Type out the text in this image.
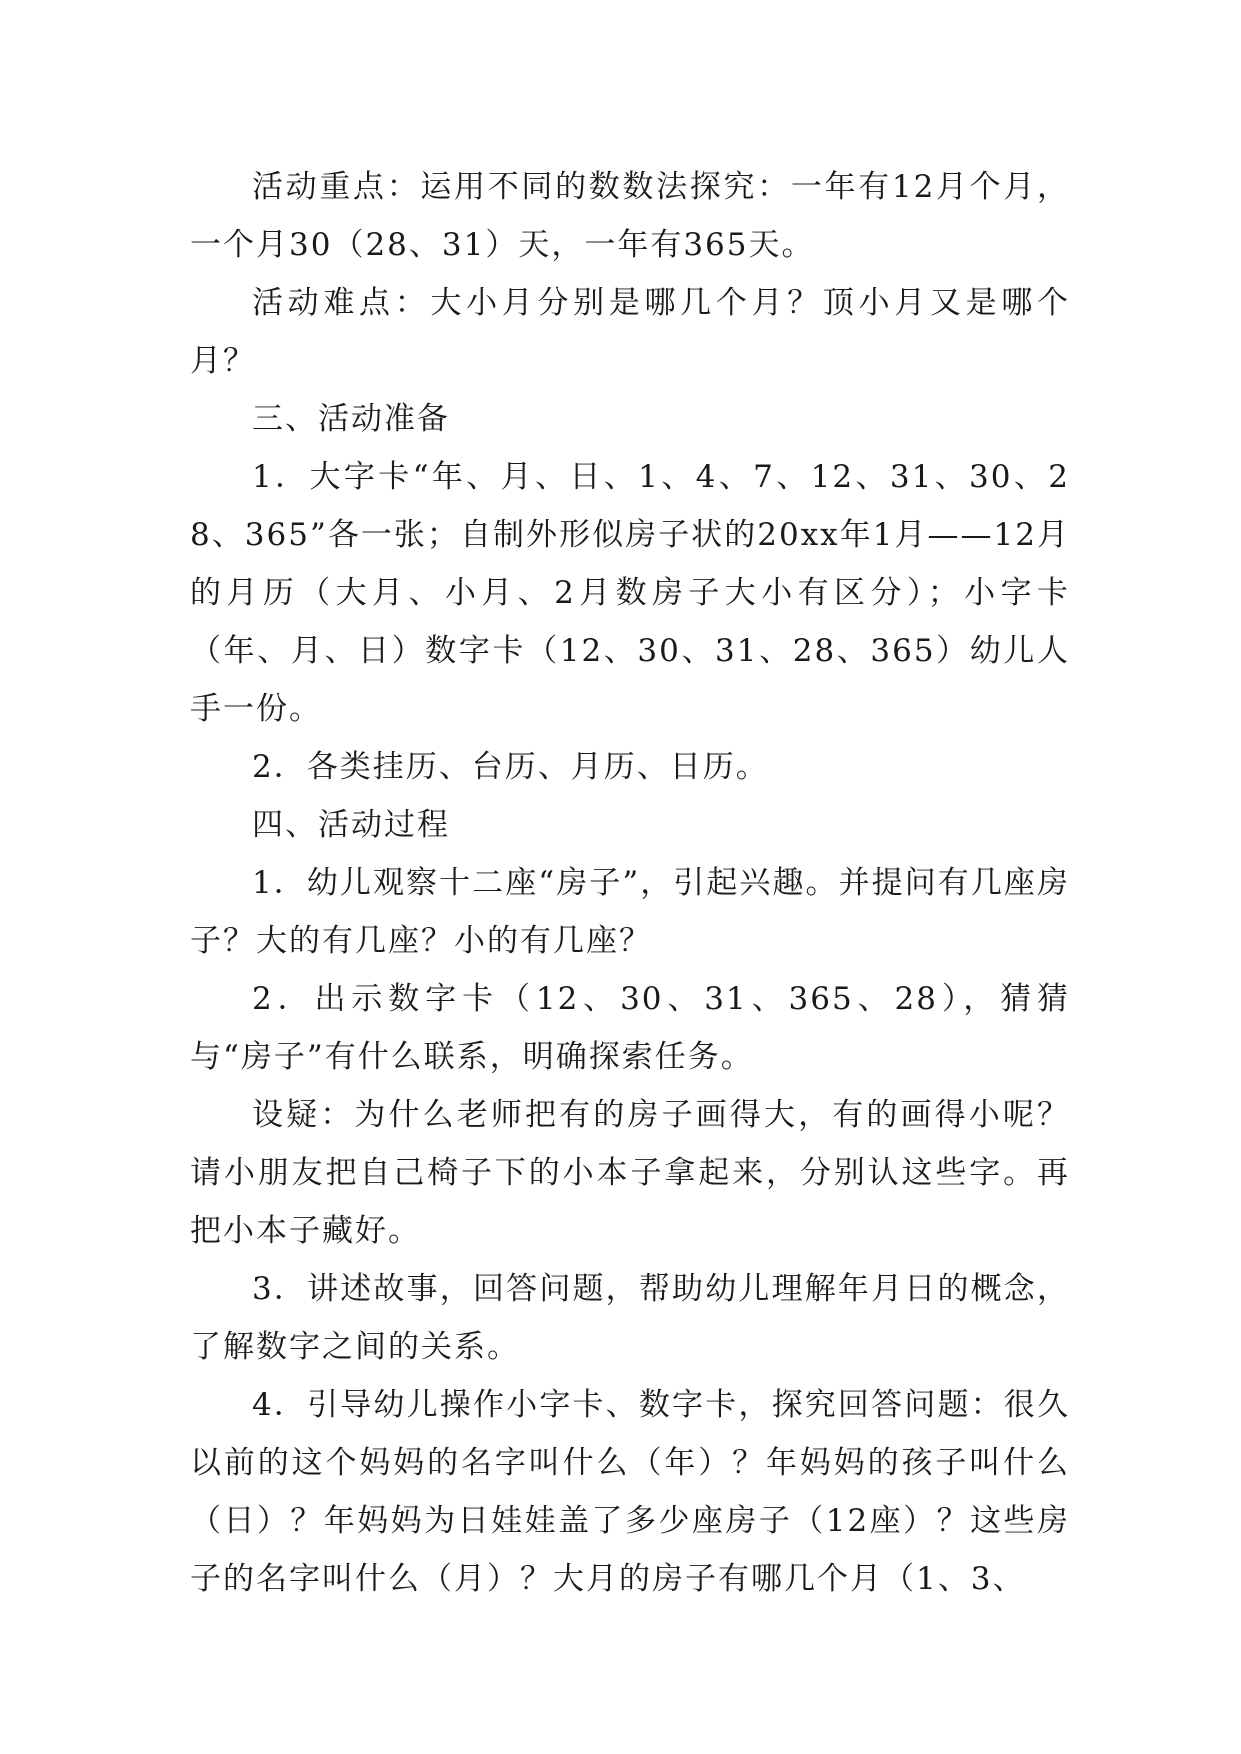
活动重点：运用不同的数数法探究：一年有12月个月，一个月30（28、31）天，一年有365天。

活动难点：大小月分别是哪几个月？顶小月又是哪个月？

三、活动准备

1．大字卡“年、月、日、1、4、7、12、31、30、28、365”各一张；自制外形似房子状的20xx年1月——12月的月历（大月、小月、2月数房子大小有区分）；小字卡（年、月、日）数字卡（12、30、31、28、365）幼儿人手一份。

2．各类挂历、台历、月历、日历。

四、活动过程

1．幼儿观察十二座“房子”，引起兴趣。并提问有几座房子？大的有几座？小的有几座？

2．出示数字卡（12、30、31、365、28），猜猜与“房子”有什么联系，明确探索任务。

设疑：为什么老师把有的房子画得大，有的画得小呢？请小朋友把自己椅子下的小本子拿起来，分别认这些字。再把小本子藏好。

3．讲述故事，回答问题，帮助幼儿理解年月日的概念，了解数字之间的关系。

4．引导幼儿操作小字卡、数字卡，探究回答问题：很久以前的这个妈妈的名字叫什么（年）？年妈妈的孩子叫什么（日）？年妈妈为日娃娃盖了多少座房子（12座）？这些房子的名字叫什么（月）？大月的房子有哪几个月（1、3、
